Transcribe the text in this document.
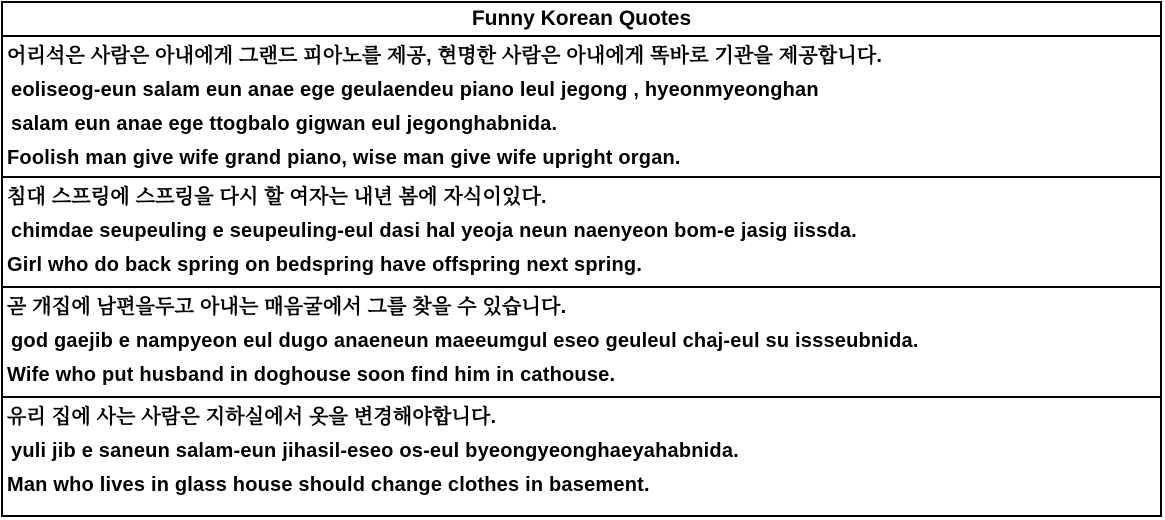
Funny Korean Quotes
어리석은 사람은 아내에게 그랜드 피아노를 제공, 현명한 사람은 아내에게 똑바로 기관을 제공합니다.
eoliseog-eun salam eun anae ege geulaendeu piano leul jegong , hyeonmyeonghan
salam eun anae ege ttogbalo gigwan eul jegonghabnida.
Foolish man give wife grand piano, wise man give wife upright organ.
침대 스프링에 스프링을 다시 할 여자는 내년 봄에 자식이있다.
chimdae seupeuling e seupeuling-eul dasi hal yeoja neun naenyeon bom-e jasig iissda.
Girl who do back spring on bedspring have offspring next spring.
곧 개집에 남편을두고 아내는 매음굴에서 그를 찾을 수 있습니다.
god gaejib e nampyeon eul dugo anaeneun maeeumgul eseo geuleul chaj-eul su issseubnida.
Wife who put husband in doghouse soon find him in cathouse.
유리 집에 사는 사람은 지하실에서 옷을 변경해야합니다.
yuli jib e saneun salam-eun jihasil-eseo os-eul byeongyeonghaeyahabnida.
Man who lives in glass house should change clothes in basement.
